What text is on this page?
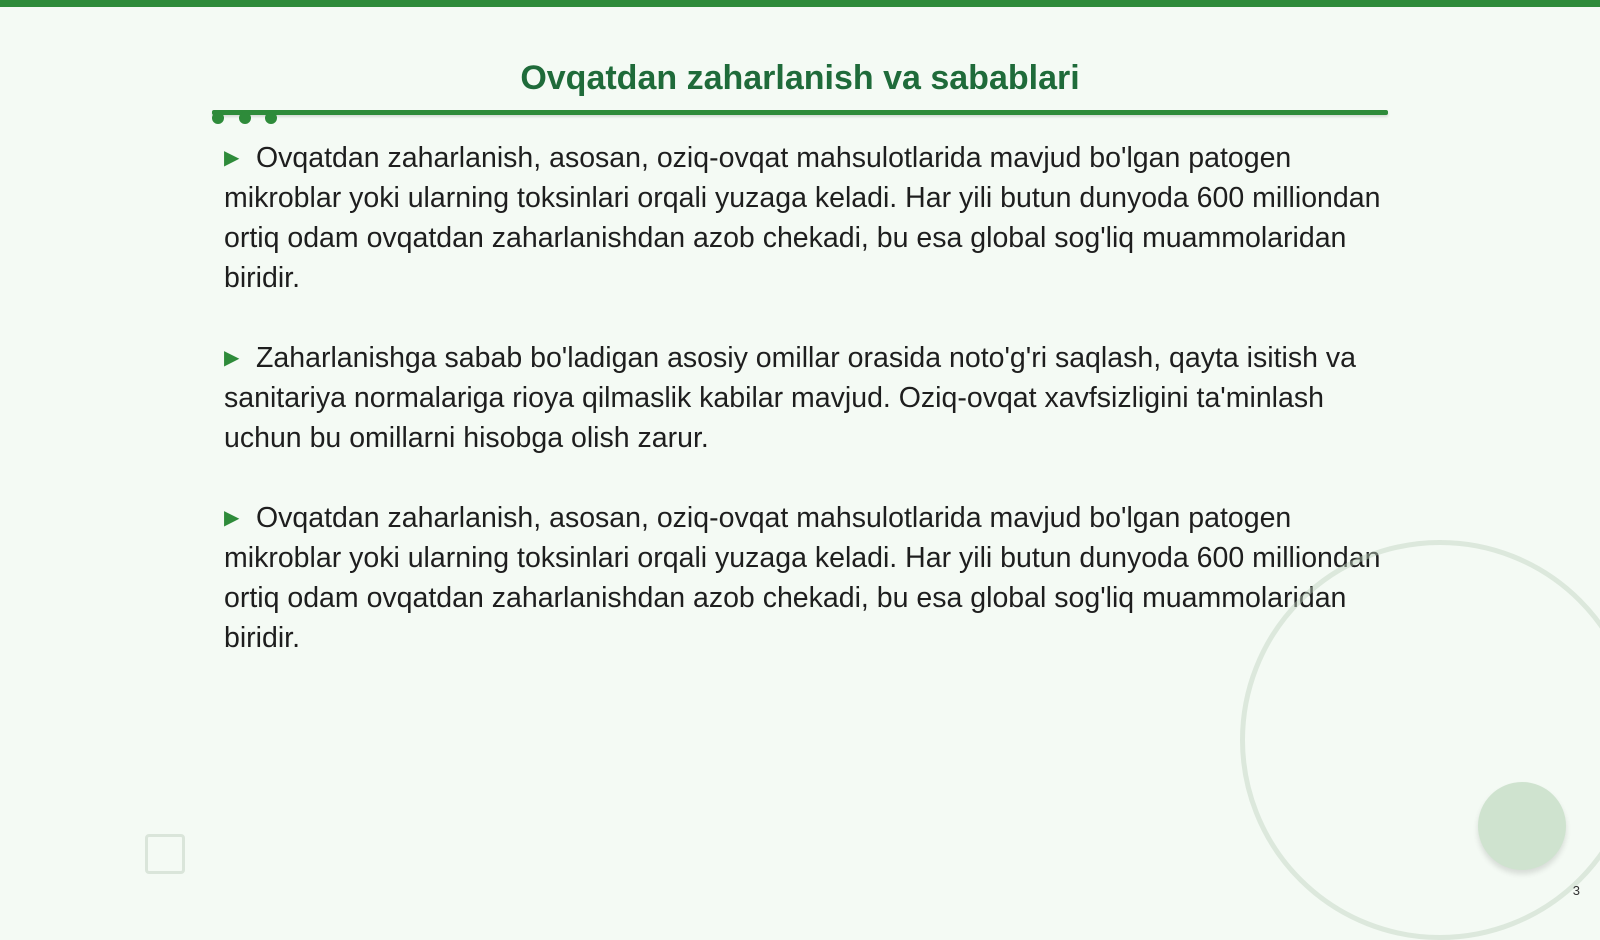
Ovqatdan zaharlanish va sabablari

▶ Ovqatdan zaharlanish, asosan, oziq-ovqat mahsulotlarida mavjud bo'lgan patogen mikroblar yoki ularning toksinlari orqali yuzaga keladi. Har yili butun dunyoda 600 milliondan ortiq odam ovqatdan zaharlanishdan azob chekadi, bu esa global sog'liq muammolaridan biridir.

▶ Zaharlanishga sabab bo'ladigan asosiy omillar orasida noto'g'ri saqlash, qayta isitish va sanitariya normalariga rioya qilmaslik kabilar mavjud. Oziq-ovqat xavfsizligini ta'minlash uchun bu omillarni hisobga olish zarur.

▶ Ovqatdan zaharlanish, asosan, oziq-ovqat mahsulotlarida mavjud bo'lgan patogen mikroblar yoki ularning toksinlari orqali yuzaga keladi. Har yili butun dunyoda 600 milliondan ortiq odam ovqatdan zaharlanishdan azob chekadi, bu esa global sog'liq muammolaridan biridir.

3
